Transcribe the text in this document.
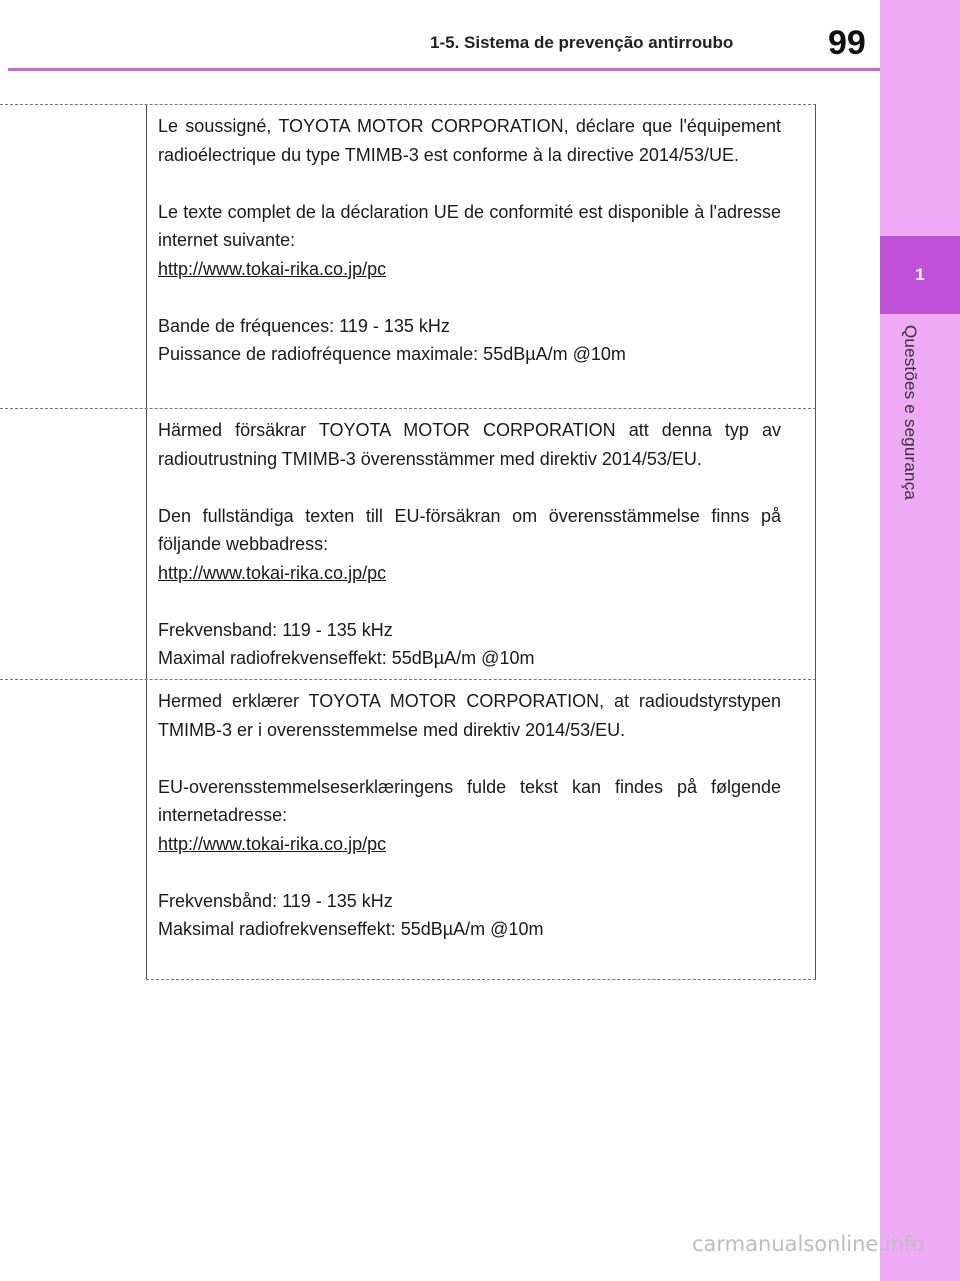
1-5. Sistema de prevenção antirroubo	99
1
Questões e segurança

Le soussigné, TOYOTA MOTOR CORPORATION, déclare que l'équipement radioélectrique du type TMIMB-3 est conforme à la directive 2014/53/UE.

Le texte complet de la déclaration UE de conformité est disponible à l'adresse internet suivante:
http://www.tokai-rika.co.jp/pc

Bande de fréquences: 119 - 135 kHz
Puissance de radiofréquence maximale: 55dBµA/m @10m

Härmed försäkrar TOYOTA MOTOR CORPORATION att denna typ av radioutrustning TMIMB-3 överensstämmer med direktiv 2014/53/EU.

Den fullständiga texten till EU-försäkran om överensstämmelse finns på följande webbadress:
http://www.tokai-rika.co.jp/pc

Frekvensband: 119 - 135 kHz
Maximal radiofrekvenseffekt: 55dBµA/m @10m

Hermed erklærer TOYOTA MOTOR CORPORATION, at radioudstyrstypen TMIMB-3 er i overensstemmelse med direktiv 2014/53/EU.

EU-overensstemmelseserklæringens fulde tekst kan findes på følgende internetadresse:
http://www.tokai-rika.co.jp/pc

Frekvensbånd: 119 - 135 kHz
Maksimal radiofrekvenseffekt: 55dBµA/m @10m

carmanualsonline.info
